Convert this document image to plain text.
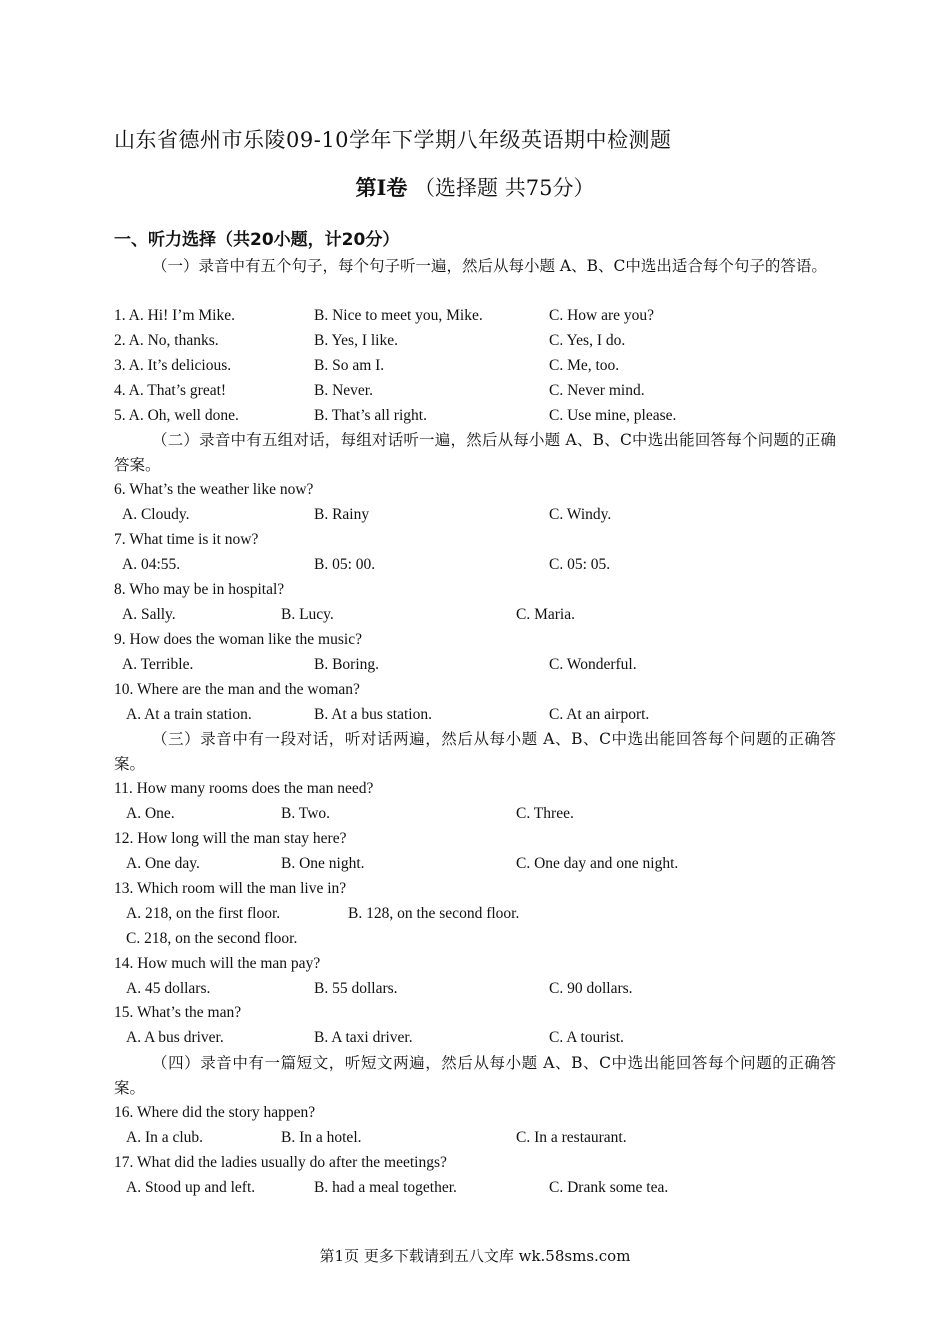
山东省德州市乐陵09-10学年下学期八年级英语期中检测题
第Ⅰ卷 （选择题 共75分）
一、听力选择（共20小题，计20分）
（一）录音中有五个句子，每个句子听一遍，然后从每小题 A、B、C中选出适合每个句子的答语。
1. A. Hi! I’m Mike.	B. Nice to meet you, Mike.	C. How are you?
2. A. No, thanks.	B. Yes, I like.	C. Yes, I do.
3. A. It’s delicious.	B. So am I.	C. Me, too.
4. A. That’s great!	B. Never.	C. Never mind.
5. A. Oh, well done.	B. That’s all right.	C. Use mine, please.
（二）录音中有五组对话，每组对话听一遍，然后从每小题 A、B、C中选出能回答每个问题的正确答案。
6. What’s the weather like now?
A. Cloudy.	B. Rainy	C. Windy.
7. What time is it now?
A. 04:55.	B. 05: 00.	C. 05: 05.
8. Who may be in hospital?
A. Sally.	B. Lucy.	C. Maria.
9. How does the woman like the music?
A. Terrible.	B. Boring.	C. Wonderful.
10. Where are the man and the woman?
A. At a train station.	B. At a bus station.	C. At an airport.
（三）录音中有一段对话，听对话两遍，然后从每小题 A、B、C中选出能回答每个问题的正确答案。
11. How many rooms does the man need?
A. One.	B. Two.	C. Three.
12. How long will the man stay here?
A. One day.	B. One night.	C. One day and one night.
13. Which room will the man live in?
A. 218, on the first floor.	B. 128, on the second floor.
C. 218, on the second floor.
14. How much will the man pay?
A. 45 dollars.	B. 55 dollars.	C. 90 dollars.
15. What’s the man?
A. A bus driver.	B. A taxi driver.	C. A tourist.
（四）录音中有一篇短文，听短文两遍，然后从每小题 A、B、C中选出能回答每个问题的正确答案。
16. Where did the story happen?
A. In a club.	B. In a hotel.	C. In a restaurant.
17. What did the ladies usually do after the meetings?
A. Stood up and left.	B. had a meal together.	C. Drank some tea.
第1页 更多下载请到五八文库 wk.58sms.com
